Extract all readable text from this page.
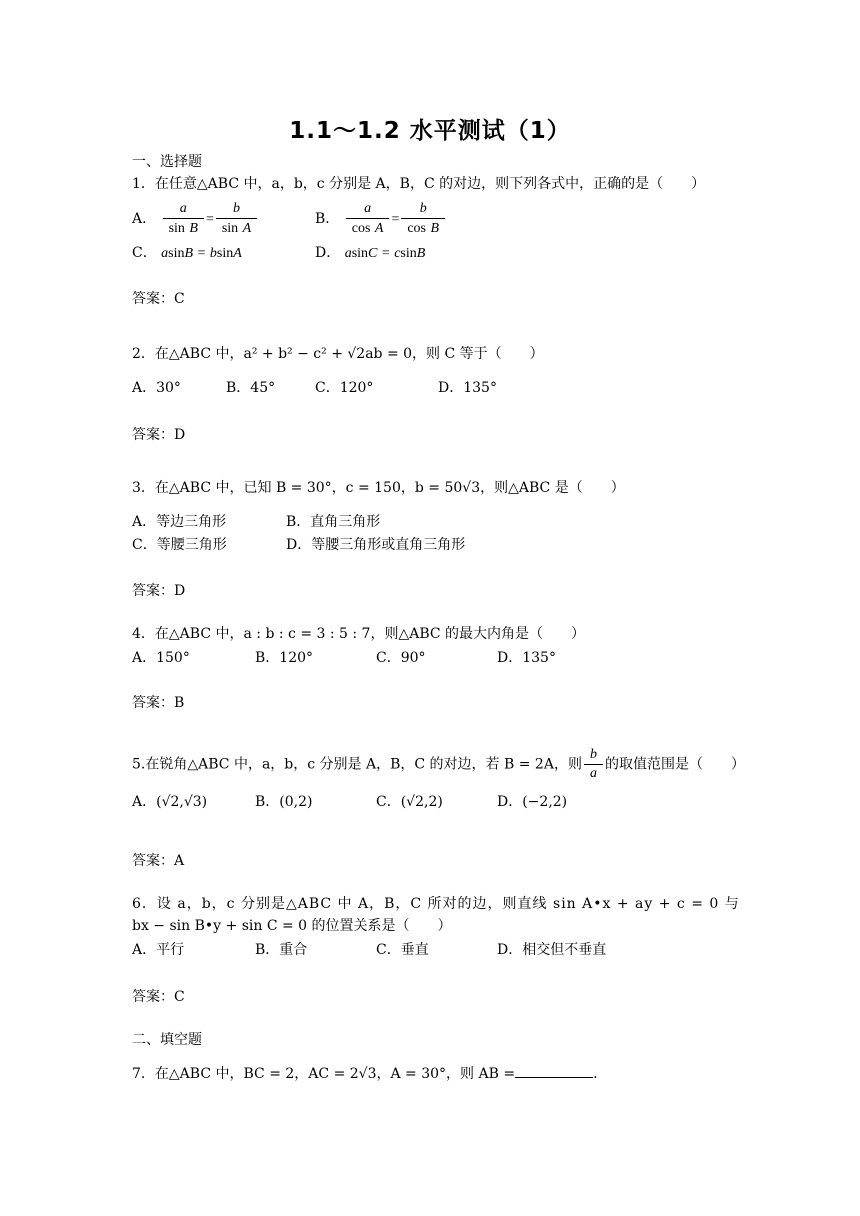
1.1～1.2 水平测试（1）
一、选择题
1．在任意△ABC 中，a，b，c 分别是 A，B，C 的对边，则下列各式中，正确的是（　　）
A． $\frac{a}{\text{sin B}} = \frac{b}{\text{sin A}}$	B． $\frac{a}{\text{cos A}} = \frac{b}{\text{cos B}}$
C． asinB = bsinA	D． asinC = csinB
答案：C
2．在△ABC 中，a² + b² − c² + √2ab = 0，则 C 等于（　　）
A．30°	B．45°	C．120°	D．135°
答案：D
3．在△ABC 中，已知 B = 30°，c = 150，b = 50√3，则△ABC 是（　　）
A．等边三角形	B．直角三角形
C．等腰三角形	D．等腰三角形或直角三角形
答案：D
4．在△ABC 中，a : b : c = 3 : 5 : 7，则△ABC 的最大内角是（　　）
A．150°	B．120°	C．90°	D．135°
答案：B
5.在锐角△ABC 中，a，b，c 分别是 A，B，C 的对边，若 B = 2A，则 $\frac{b}{a}$ 的取值范围是（　　）
A．(√2,√3)	B．(0,2)	C．(√2,2)	D．(−2,2)
答案：A
6．设 a，b，c 分别是△ABC 中 A，B，C 所对的边，则直线 sin A•x + ay + c = 0 与
bx − sin B•y + sin C = 0 的位置关系是（　　）
A．平行	B．重合	C．垂直	D．相交但不垂直
答案：C
二、填空题
7．在△ABC 中，BC = 2，AC = 2√3，A = 30°，则 AB =	.
